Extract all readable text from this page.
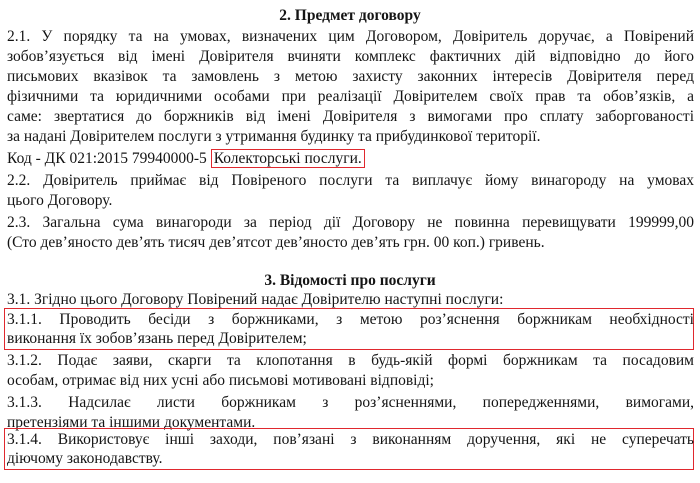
2. Предмет договору
2.1. У порядку та на умовах, визначених цим Договором, Довіритель доручає, а Повірений
зобов’язується від імені Довірителя вчиняти комплекс фактичних дій відповідно до його
письмових вказівок та замовлень з метою захисту законних інтересів Довірителя перед
фізичними та юридичними особами при реалізації Довірителем своїх прав та обов’язків, а
саме: звертатися до боржників від імені Довірителя з вимогами про сплату заборгованості
за надані Довірителем послуги з утримання будинку та прибудинкової території.
Код - ДК 021:2015 79940000-5 Колекторські послуги.
2.2. Довіритель приймає від Повіреного послуги та виплачує йому винагороду на умовах
цього Договору.
2.3. Загальна сума винагороди за період дії Договору не повинна перевищувати 199999,00
(Сто дев’яносто дев’ять тисяч дев’ятсот дев’яносто дев’ять грн. 00 коп.) гривень.
3. Відомості про послуги
3.1. Згідно цього Договору Повірений надає Довірителю наступні послуги:
3.1.1. Проводить бесіди з боржниками, з метою роз’яснення боржникам необхідності
виконання їх зобов’язань перед Довірителем;
3.1.2. Подає заяви, скарги та клопотання в будь-якій формі боржникам та посадовим
особам, отримає від них усні або письмові мотивовані відповіді;
3.1.3. Надсилає листи боржникам з роз’ясненнями, попередженнями, вимогами,
претензіями та іншими документами.
3.1.4. Використовує інші заходи, пов’язані з виконанням доручення, які не суперечать
діючому законодавству.
